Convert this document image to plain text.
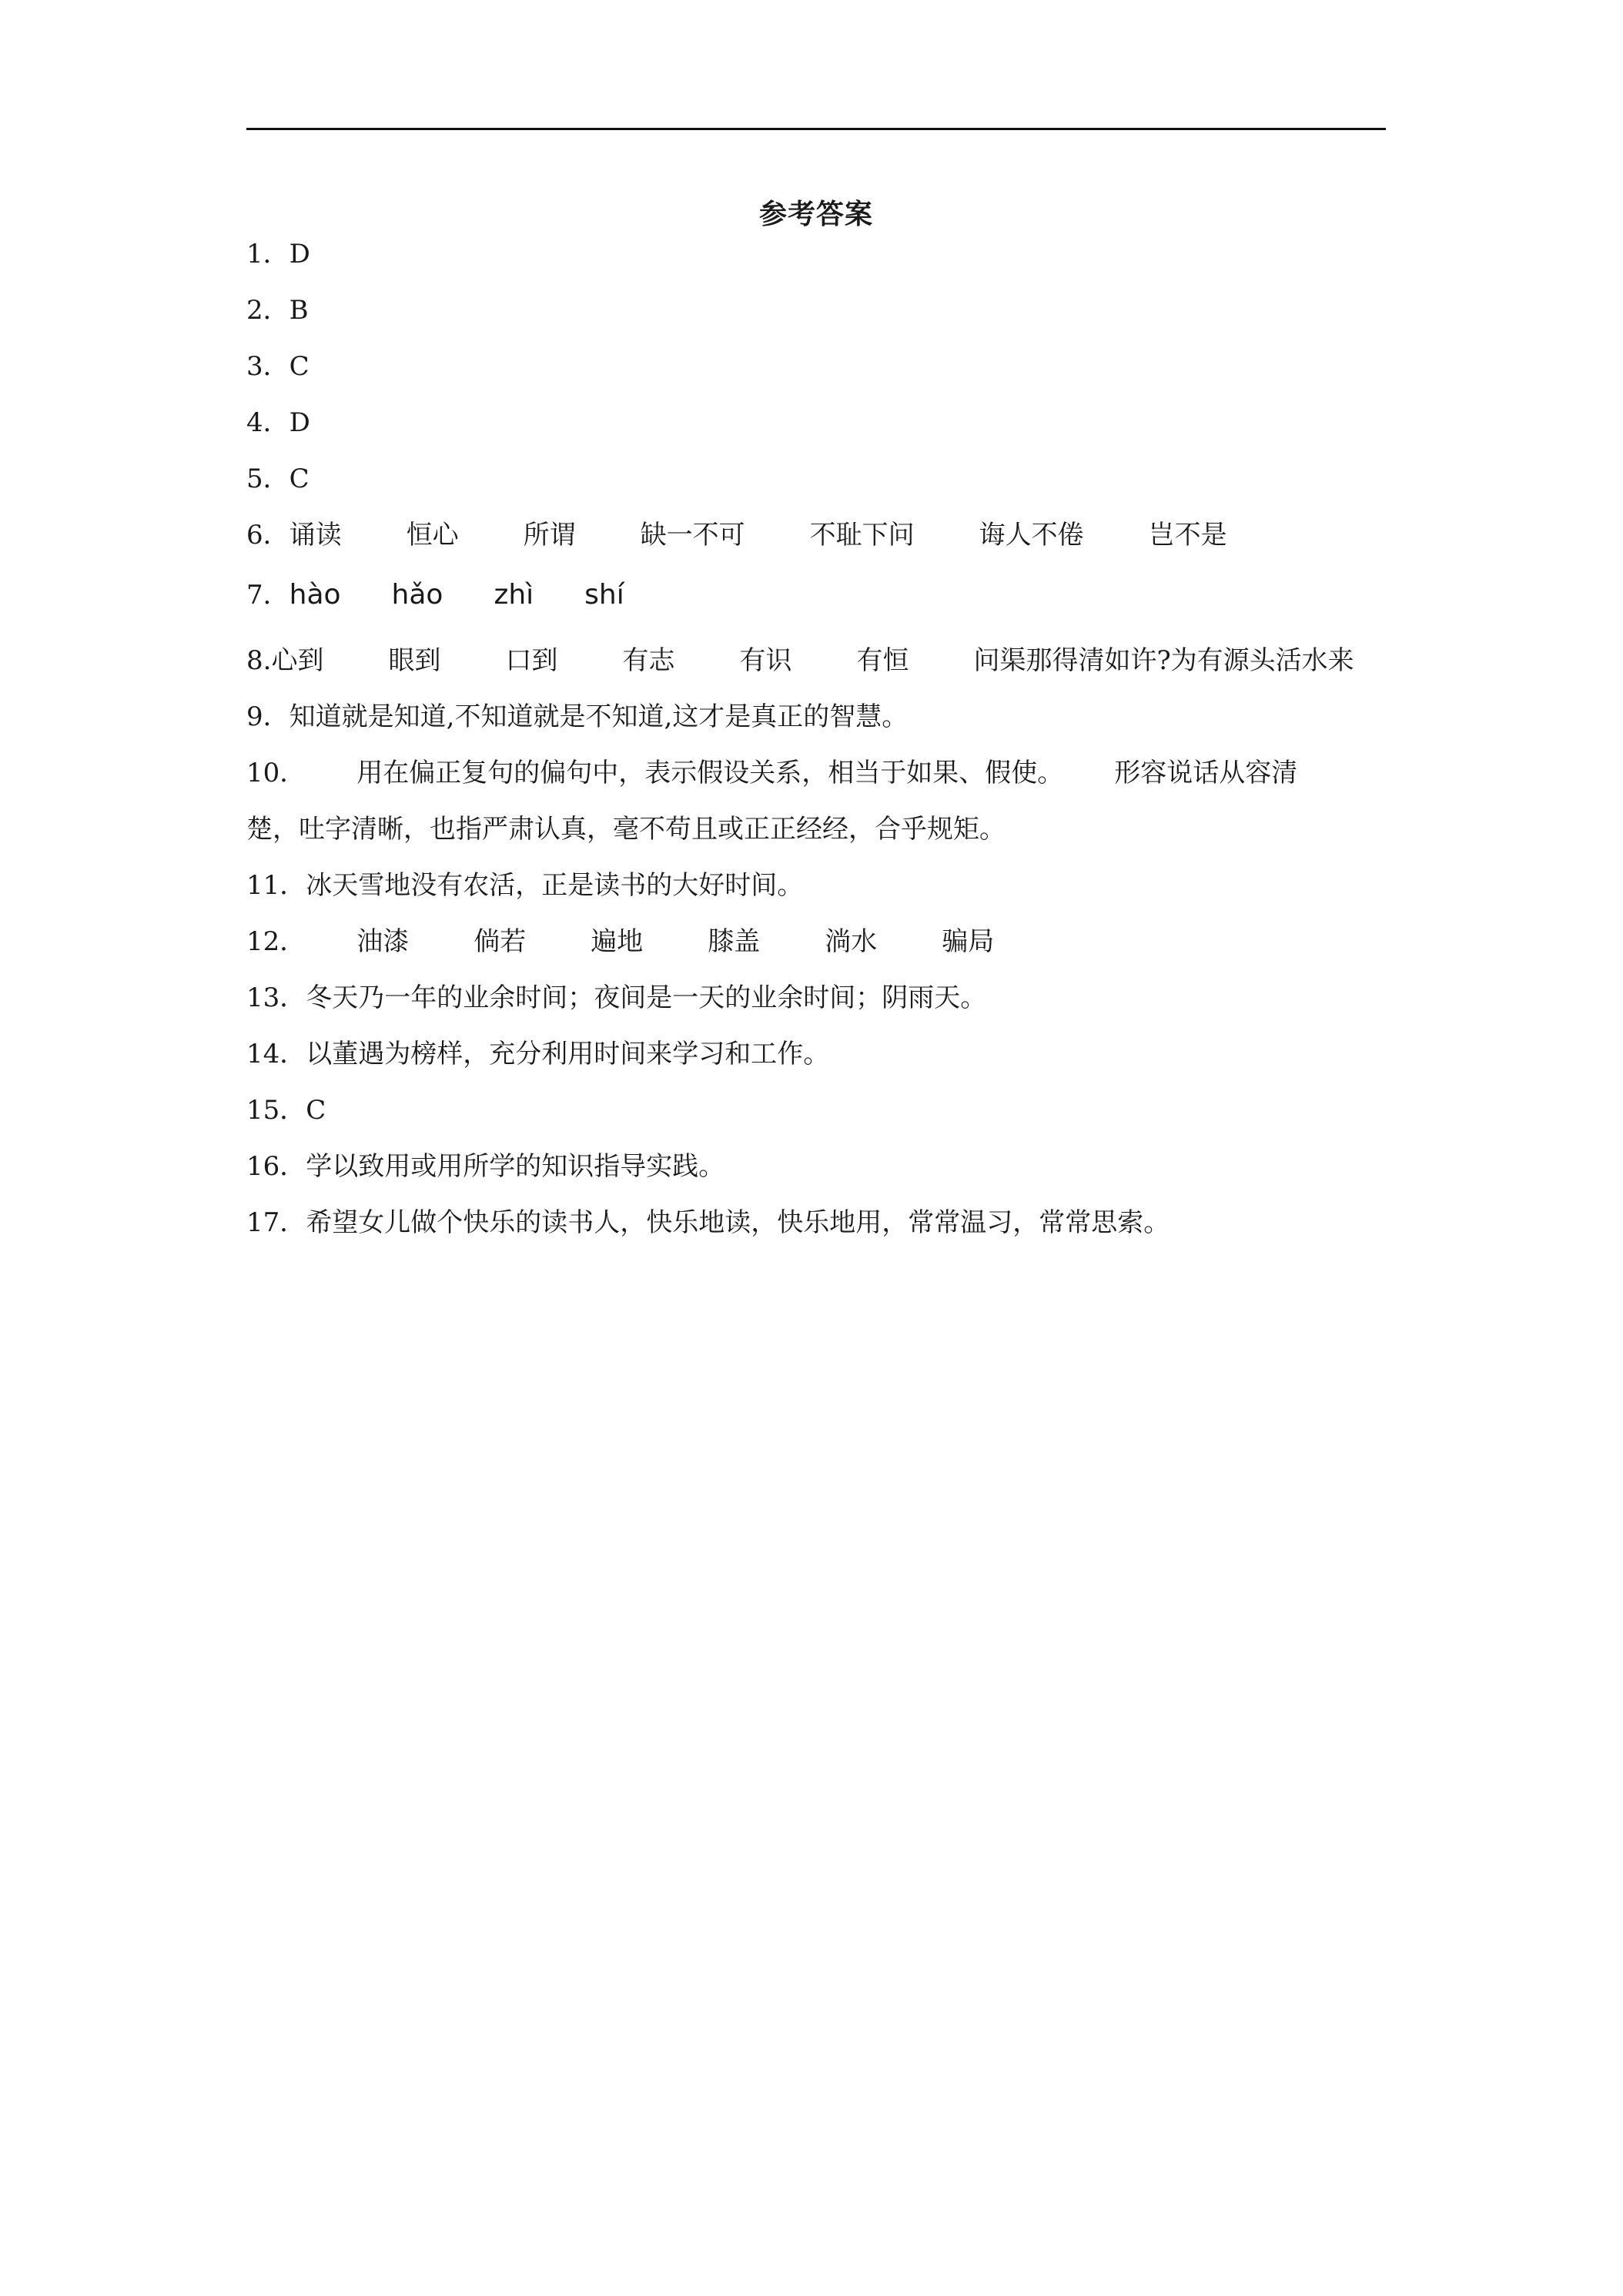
参考答案
1．D
2．B
3．C
4．D
5．C
6．诵读 恒心 所谓 缺一不可 不耻下问 诲人不倦 岂不是
7．hào hǎo zhì shí
8.心到 眼到 口到 有志 有识 有恒 问渠那得清如许?为有源头活水来
9．知道就是知道,不知道就是不知道,这才是真正的智慧。
10． 用在偏正复句的偏句中，表示假设关系，相当于如果、假使。 形容说话从容清
楚，吐字清晰，也指严肃认真，毫不苟且或正正经经，合乎规矩。
11．冰天雪地没有农活，正是读书的大好时间。
12． 油漆 倘若 遍地 膝盖 淌水 骗局
13．冬天乃一年的业余时间；夜间是一天的业余时间；阴雨天。
14．以董遇为榜样，充分利用时间来学习和工作。
15．C
16．学以致用或用所学的知识指导实践。
17．希望女儿做个快乐的读书人，快乐地读，快乐地用，常常温习，常常思索。
